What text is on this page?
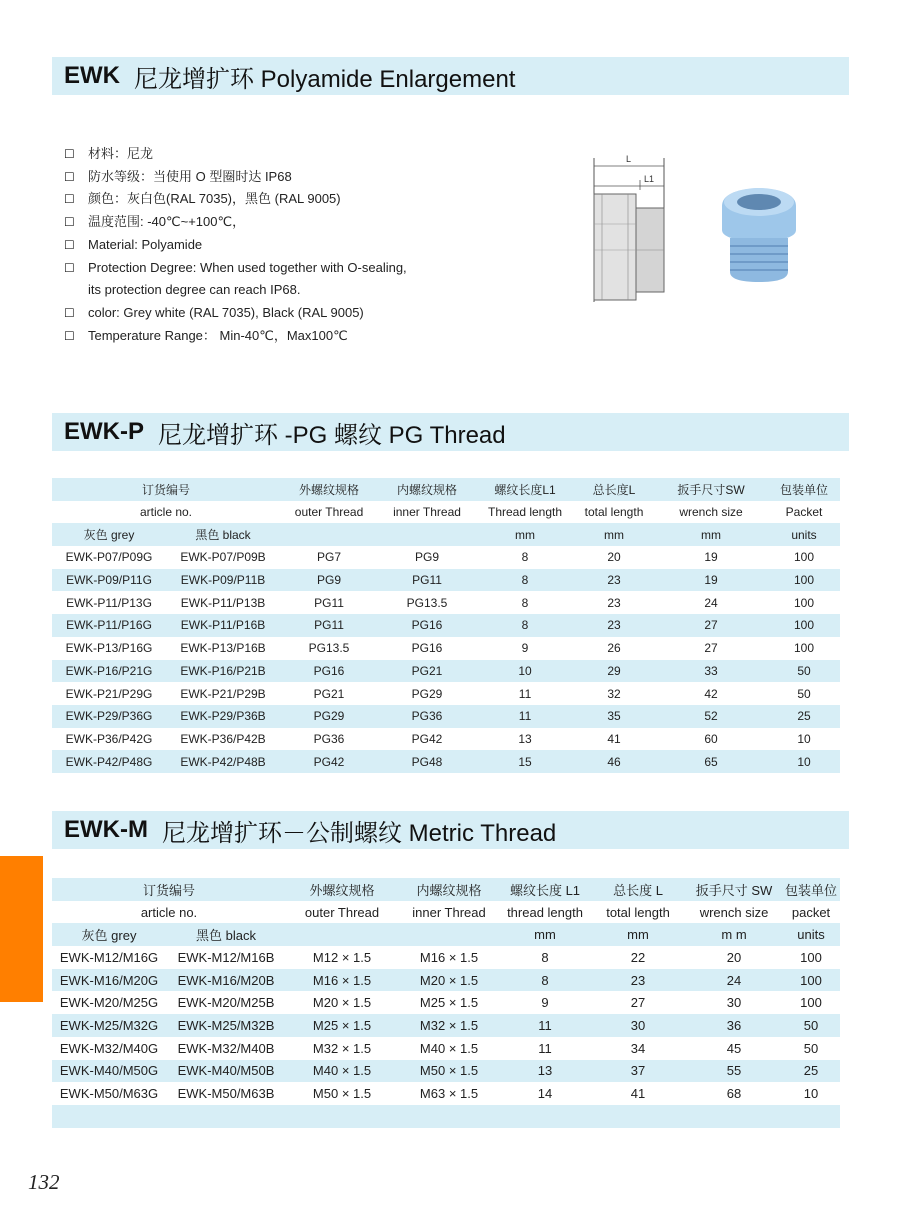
EWK 尼龙增扩环 Polyamide Enlargement
☐	材料：尼龙
☐	防水等级：当使用 O 型圈时达 IP68
☐	颜色：灰白色(RAL 7035)，黑色 (RAL 9005)
☐	温度范围: -40℃~+100℃，
☐	Material: Polyamide
☐	Protection Degree: When used together with O-sealing,
its protection degree can reach IP68.
☐	color: Grey white (RAL 7035), Black (RAL 9005)
☐	Temperature Range： Min-40℃，Max100℃
L
L1
EWK-P 尼龙增扩环 -PG 螺纹 PG Thread
订货编号		外螺纹规格	内螺纹规格	螺纹长度L1	总长度L	扳手尺寸SW	包装单位
article no.		outer Thread	inner Thread	Thread length	total length	wrench size	Packet
灰色 grey	黑色 black			mm	mm	mm	units
EWK-P07/P09G	EWK-P07/P09B	PG7	PG9	8	20	19	100
EWK-P09/P11G	EWK-P09/P11B	PG9	PG11	8	23	19	100
EWK-P11/P13G	EWK-P11/P13B	PG11	PG13.5	8	23	24	100
EWK-P11/P16G	EWK-P11/P16B	PG11	PG16	8	23	27	100
EWK-P13/P16G	EWK-P13/P16B	PG13.5	PG16	9	26	27	100
EWK-P16/P21G	EWK-P16/P21B	PG16	PG21	10	29	33	50
EWK-P21/P29G	EWK-P21/P29B	PG21	PG29	11	32	42	50
EWK-P29/P36G	EWK-P29/P36B	PG29	PG36	11	35	52	25
EWK-P36/P42G	EWK-P36/P42B	PG36	PG42	13	41	60	10
EWK-P42/P48G	EWK-P42/P48B	PG42	PG48	15	46	65	10
EWK-M 尼龙增扩环－公制螺纹 Metric Thread
订货编号		外螺纹规格	内螺纹规格	螺纹长度 L1	总长度 L	扳手尺寸 SW	包装单位
article no.		outer Thread	inner Thread	thread length	total length	wrench size	packet
灰色 grey	黑色 black			mm	mm	m m	units
EWK-M12/M16G	EWK-M12/M16B	M12 × 1.5	M16 × 1.5	8	22	20	100
EWK-M16/M20G	EWK-M16/M20B	M16 × 1.5	M20 × 1.5	8	23	24	100
EWK-M20/M25G	EWK-M20/M25B	M20 × 1.5	M25 × 1.5	9	27	30	100
EWK-M25/M32G	EWK-M25/M32B	M25 × 1.5	M32 × 1.5	11	30	36	50
EWK-M32/M40G	EWK-M32/M40B	M32 × 1.5	M40 × 1.5	11	34	45	50
EWK-M40/M50G	EWK-M40/M50B	M40 × 1.5	M50 × 1.5	13	37	55	25
EWK-M50/M63G	EWK-M50/M63B	M50 × 1.5	M63 × 1.5	14	41	68	10

132
